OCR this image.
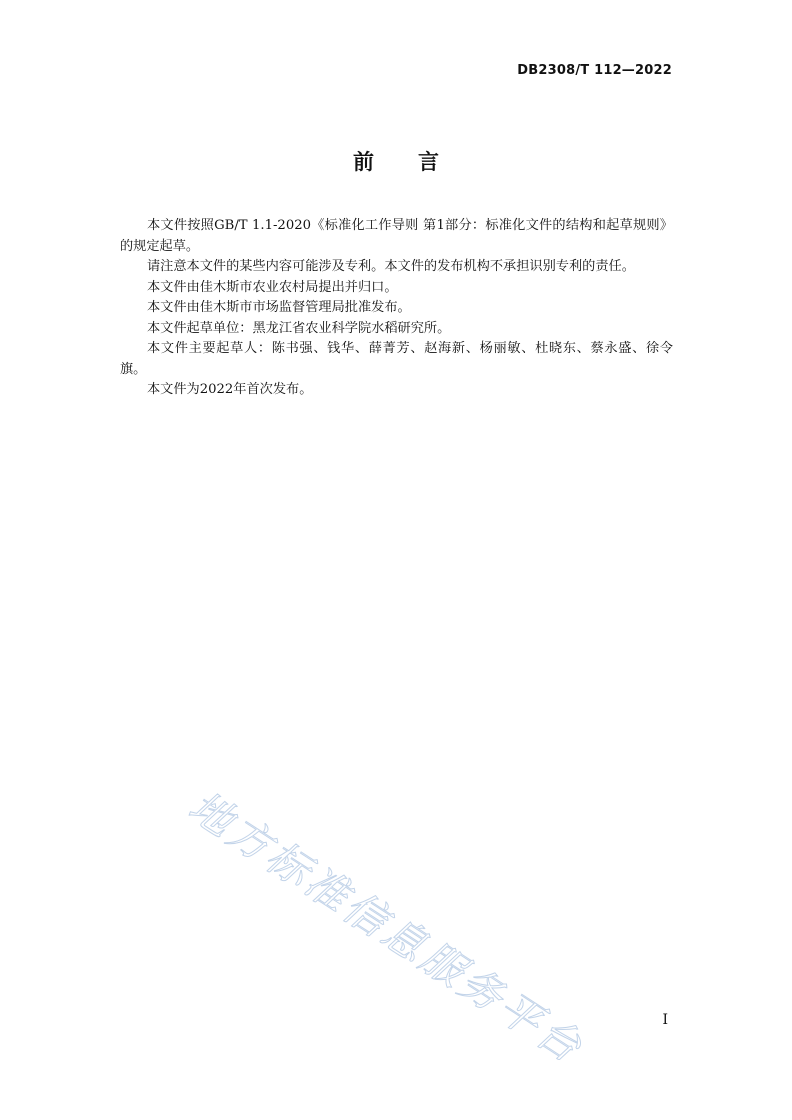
DB2308/T 112—2022
前言

本文件按照GB/T 1.1-2020《标准化工作导则 第1部分：标准化文件的结构和起草规则》的规定起草。

请注意本文件的某些内容可能涉及专利。本文件的发布机构不承担识别专利的责任。

本文件由佳木斯市农业农村局提出并归口。

本文件由佳木斯市市场监督管理局批准发布。

本文件起草单位：黑龙江省农业科学院水稻研究所。

本文件主要起草人：陈书强、钱华、薛菁芳、赵海新、杨丽敏、杜晓东、蔡永盛、徐令旗。

本文件为2022年首次发布。

地方标准信息服务平台	I
